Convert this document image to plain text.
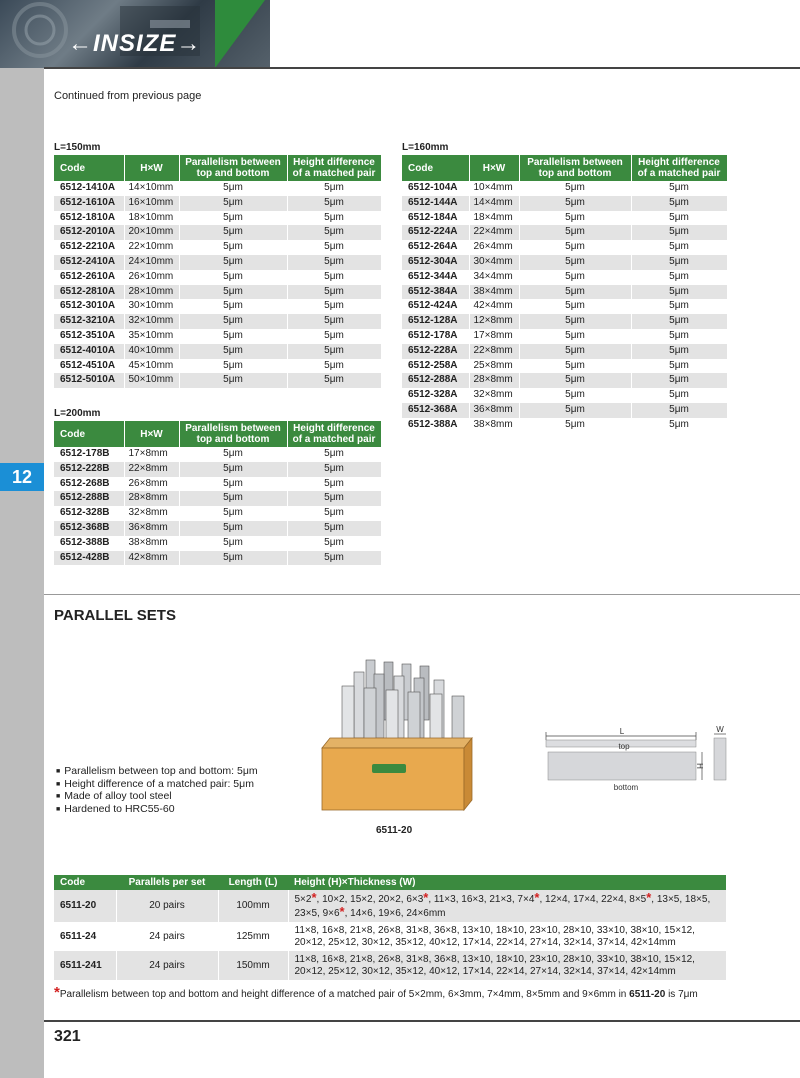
←INSIZE→
Continued from previous page
12
L=150mm
Code	H×W	Parallelism between top and bottom	Height difference of a matched pair
6512-1410A	14×10mm	5μm	5μm
6512-1610A	16×10mm	5μm	5μm
6512-1810A	18×10mm	5μm	5μm
6512-2010A	20×10mm	5μm	5μm
6512-2210A	22×10mm	5μm	5μm
6512-2410A	24×10mm	5μm	5μm
6512-2610A	26×10mm	5μm	5μm
6512-2810A	28×10mm	5μm	5μm
6512-3010A	30×10mm	5μm	5μm
6512-3210A	32×10mm	5μm	5μm
6512-3510A	35×10mm	5μm	5μm
6512-4010A	40×10mm	5μm	5μm
6512-4510A	45×10mm	5μm	5μm
6512-5010A	50×10mm	5μm	5μm
L=160mm
Code	H×W	Parallelism between top and bottom	Height difference of a matched pair
6512-104A	10×4mm	5μm	5μm
6512-144A	14×4mm	5μm	5μm
6512-184A	18×4mm	5μm	5μm
6512-224A	22×4mm	5μm	5μm
6512-264A	26×4mm	5μm	5μm
6512-304A	30×4mm	5μm	5μm
6512-344A	34×4mm	5μm	5μm
6512-384A	38×4mm	5μm	5μm
6512-424A	42×4mm	5μm	5μm
6512-128A	12×8mm	5μm	5μm
6512-178A	17×8mm	5μm	5μm
6512-228A	22×8mm	5μm	5μm
6512-258A	25×8mm	5μm	5μm
6512-288A	28×8mm	5μm	5μm
6512-328A	32×8mm	5μm	5μm
6512-368A	36×8mm	5μm	5μm
6512-388A	38×8mm	5μm	5μm
L=200mm
Code	H×W	Parallelism between top and bottom	Height difference of a matched pair
6512-178B	17×8mm	5μm	5μm
6512-228B	22×8mm	5μm	5μm
6512-268B	26×8mm	5μm	5μm
6512-288B	28×8mm	5μm	5μm
6512-328B	32×8mm	5μm	5μm
6512-368B	36×8mm	5μm	5μm
6512-388B	38×8mm	5μm	5μm
6512-428B	42×8mm	5μm	5μm
PARALLEL SETS
6511-20
■ Parallelism between top and bottom: 5μm
■ Height difference of a matched pair: 5μm
■ Made of alloy tool steel
■ Hardened to HRC55-60
L
top
H
W
bottom
Code	Parallels per set	Length (L)	Height (H)×Thickness (W)
6511-20	20 pairs	100mm	5×2*, 10×2, 15×2, 20×2, 6×3*, 11×3, 16×3, 21×3, 7×4*, 12×4, 17×4, 22×4, 8×5*, 13×5, 18×5, 23×5, 9×6*, 14×6, 19×6, 24×6mm
6511-24	24 pairs	125mm	11×8, 16×8, 21×8, 26×8, 31×8, 36×8, 13×10, 18×10, 23×10, 28×10, 33×10, 38×10, 15×12, 20×12, 25×12, 30×12, 35×12, 40×12, 17×14, 22×14, 27×14, 32×14, 37×14, 42×14mm
6511-241	24 pairs	150mm	11×8, 16×8, 21×8, 26×8, 31×8, 36×8, 13×10, 18×10, 23×10, 28×10, 33×10, 38×10, 15×12, 20×12, 25×12, 30×12, 35×12, 40×12, 17×14, 22×14, 27×14, 32×14, 37×14, 42×14mm
*Parallelism between top and bottom and height difference of a matched pair of 5×2mm, 6×3mm, 7×4mm, 8×5mm and 9×6mm in 6511-20 is 7μm
321
